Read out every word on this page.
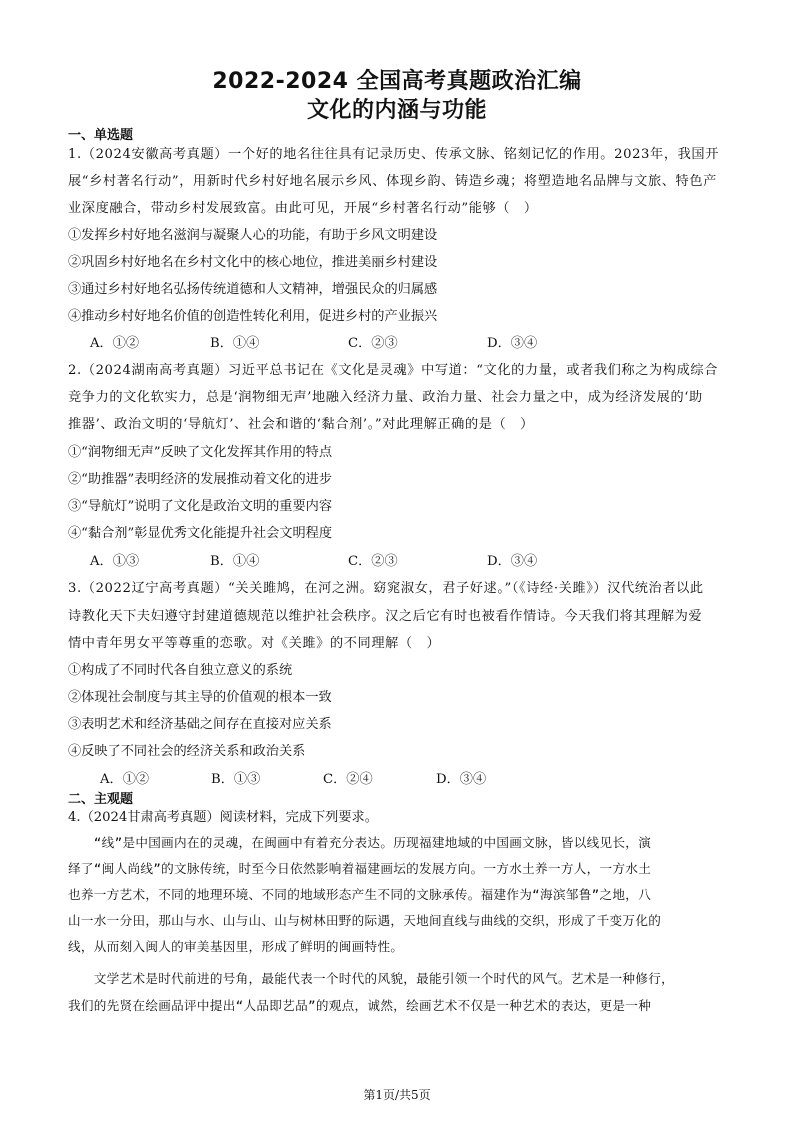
2022-2024 全国高考真题政治汇编
文化的内涵与功能
一、单选题
1.（2024安徽高考真题）一个好的地名往往具有记录历史、传承文脉、铭刻记忆的作用。2023年，我国开
展“乡村著名行动”，用新时代乡村好地名展示乡风、体现乡韵、铸造乡魂；将塑造地名品牌与文旅、特色产
业深度融合，带动乡村发展致富。由此可见，开展“乡村著名行动”能够（　）
①发挥乡村好地名滋润与凝聚人心的功能，有助于乡风文明建设
②巩固乡村好地名在乡村文化中的核心地位，推进美丽乡村建设
③通过乡村好地名弘扬传统道德和人文精神，增强民众的归属感
④推动乡村好地名价值的创造性转化利用，促进乡村的产业振兴
A．①②	B．①④	C．②③	D．③④
2.（2024湖南高考真题）习近平总书记在《文化是灵魂》中写道：“文化的力量，或者我们称之为构成综合
竞争力的文化软实力，总是‘润物细无声’地融入经济力量、政治力量、社会力量之中，成为经济发展的‘助
推器’、政治文明的‘导航灯’、社会和谐的‘黏合剂’。”对此理解正确的是（　）
①“润物细无声”反映了文化发挥其作用的特点
②“助推器”表明经济的发展推动着文化的进步
③“导航灯”说明了文化是政治文明的重要内容
④“黏合剂”彰显优秀文化能提升社会文明程度
A．①③	B．①④	C．②③	D．③④
3.（2022辽宁高考真题）“关关雎鸠，在河之洲。窈窕淑女，君子好逑。”（《诗经·关雎》）汉代统治者以此
诗教化天下夫妇遵守封建道德规范以维护社会秩序。汉之后它有时也被看作情诗。今天我们将其理解为爱
情中青年男女平等尊重的恋歌。对《关雎》的不同理解（　）
①构成了不同时代各自独立意义的系统
②体现社会制度与其主导的价值观的根本一致
③表明艺术和经济基础之间存在直接对应关系
④反映了不同社会的经济关系和政治关系
A．①②	B．①③	C．②④	D．③④
二、主观题
4.（2024甘肃高考真题）阅读材料，完成下列要求。
　　“线”是中国画内在的灵魂，在闽画中有着充分表达。历现福建地域的中国画文脉，皆以线见长，演
绎了“闽人尚线”的文脉传统，时至今日依然影响着福建画坛的发展方向。一方水土养一方人，一方水土
也养一方艺术，不同的地理环境、不同的地域形态产生不同的文脉承传。福建作为“海滨邹鲁”之地，八
山一水一分田，那山与水、山与山、山与树林田野的际遇，天地间直线与曲线的交织，形成了千变万化的
线，从而刻入闽人的审美基因里，形成了鲜明的闽画特性。
　　文学艺术是时代前进的号角，最能代表一个时代的风貌，最能引领一个时代的风气。艺术是一种修行，
我们的先贤在绘画品评中提出“人品即艺品”的观点，诚然，绘画艺术不仅是一种艺术的表达，更是一种
第1页/共5页
